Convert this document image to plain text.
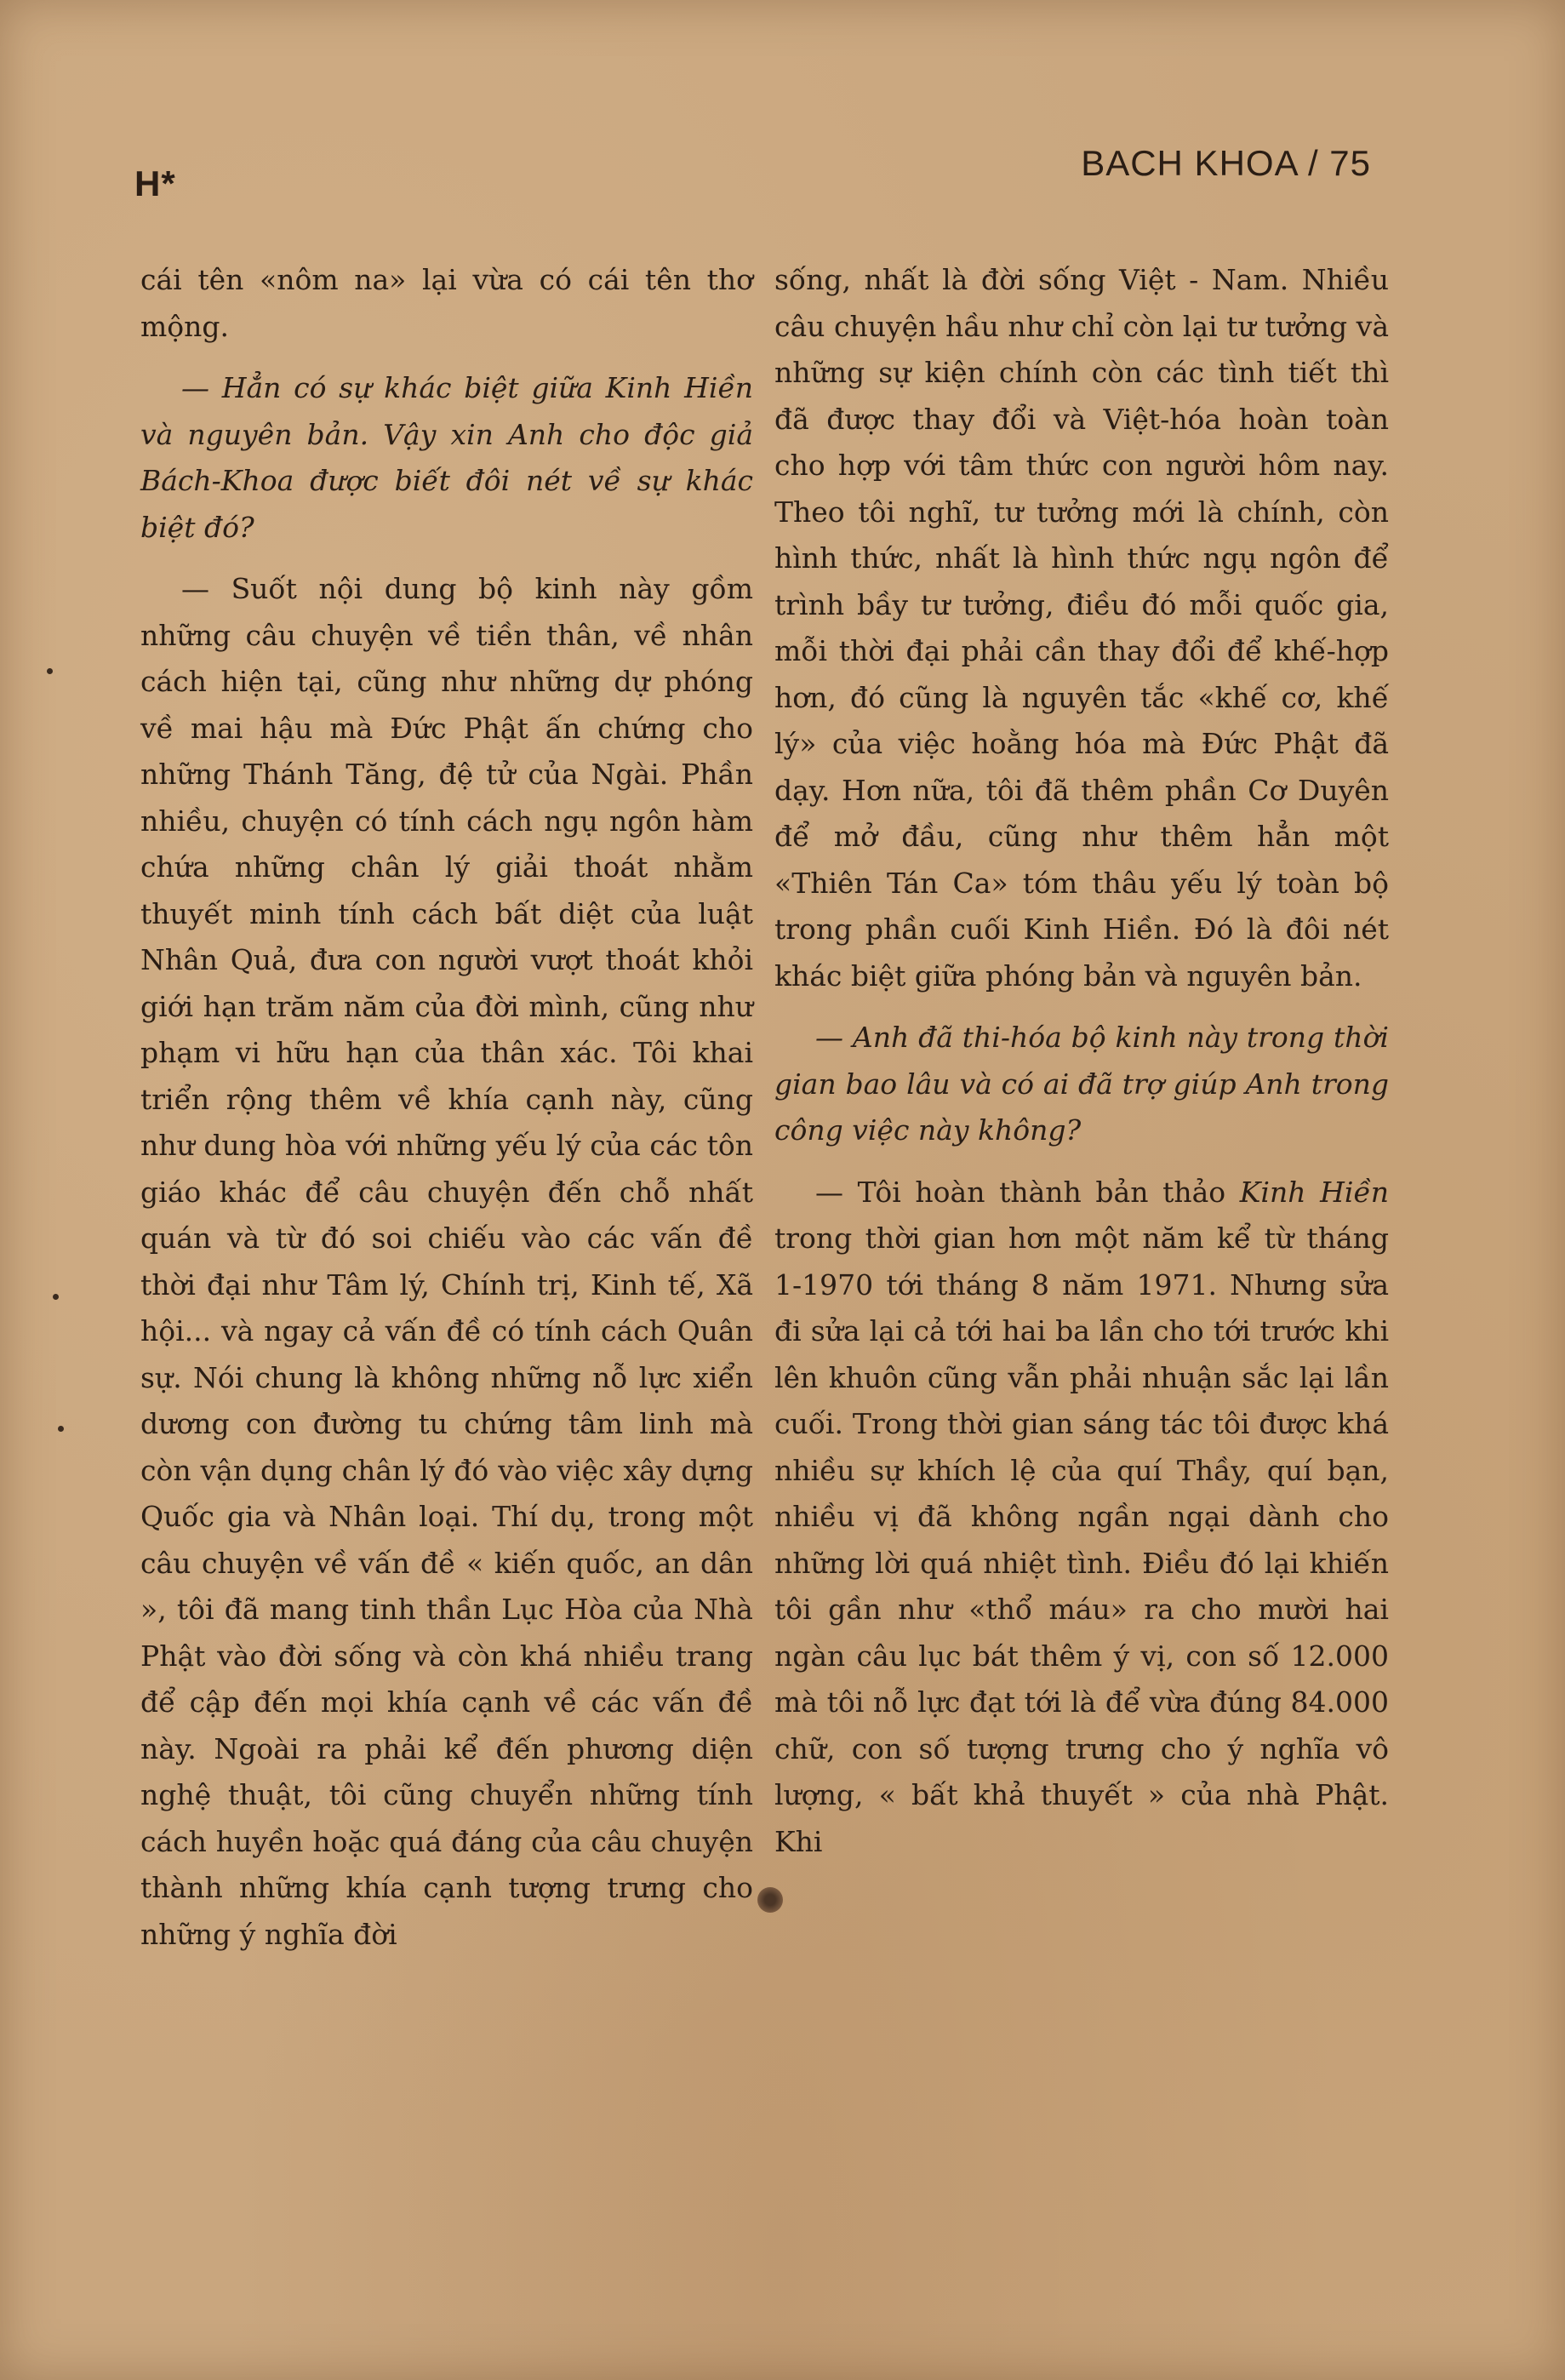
H*
BACH KHOA / 75

cái tên «nôm na» lại vừa có cái tên thơ mộng.

— Hẳn có sự khác biệt giữa Kinh Hiền và nguyên bản. Vậy xin Anh cho độc giả Bách-Khoa được biết đôi nét về sự khác biệt đó?

— Suốt nội dung bộ kinh này gồm những câu chuyện về tiền thân, về nhân cách hiện tại, cũng như những dự phóng về mai hậu mà Đức Phật ấn chứng cho những Thánh Tăng, đệ tử của Ngài. Phần nhiều, chuyện có tính cách ngụ ngôn hàm chứa những chân lý giải thoát nhằm thuyết minh tính cách bất diệt của luật Nhân Quả, đưa con người vượt thoát khỏi giới hạn trăm năm của đời mình, cũng như phạm vi hữu hạn của thân xác. Tôi khai triển rộng thêm về khía cạnh này, cũng như dung hòa với những yếu lý của các tôn giáo khác để câu chuyện đến chỗ nhất quán và từ đó soi chiếu vào các vấn đề thời đại như Tâm lý, Chính trị, Kinh tế, Xã hội... và ngay cả vấn đề có tính cách Quân sự. Nói chung là không những nỗ lực xiển dương con đường tu chứng tâm linh mà còn vận dụng chân lý đó vào việc xây dựng Quốc gia và Nhân loại. Thí dụ, trong một câu chuyện về vấn đề « kiến quốc, an dân », tôi đã mang tinh thần Lục Hòa của Nhà Phật vào đời sống và còn khá nhiều trang để cập đến mọi khía cạnh về các vấn đề này. Ngoài ra phải kể đến phương diện nghệ thuật, tôi cũng chuyển những tính cách huyền hoặc quá đáng của câu chuyện thành những khía cạnh tượng trưng cho những ý nghĩa đời

sống, nhất là đời sống Việt - Nam. Nhiều câu chuyện hầu như chỉ còn lại tư tưởng và những sự kiện chính còn các tình tiết thì đã được thay đổi và Việt-hóa hoàn toàn cho hợp với tâm thức con người hôm nay. Theo tôi nghĩ, tư tưởng mới là chính, còn hình thức, nhất là hình thức ngụ ngôn để trình bầy tư tưởng, điều đó mỗi quốc gia, mỗi thời đại phải cần thay đổi để khế-hợp hơn, đó cũng là nguyên tắc «khế cơ, khế lý» của việc hoằng hóa mà Đức Phật đã dạy. Hơn nữa, tôi đã thêm phần Cơ Duyên để mở đầu, cũng như thêm hẳn một «Thiên Tán Ca» tóm thâu yếu lý toàn bộ trong phần cuối Kinh Hiền. Đó là đôi nét khác biệt giữa phóng bản và nguyên bản.

— Anh đã thi-hóa bộ kinh này trong thời gian bao lâu và có ai đã trợ giúp Anh trong công việc này không?

— Tôi hoàn thành bản thảo Kinh Hiền trong thời gian hơn một năm kể từ tháng 1-1970 tới tháng 8 năm 1971. Nhưng sửa đi sửa lại cả tới hai ba lần cho tới trước khi lên khuôn cũng vẫn phải nhuận sắc lại lần cuối. Trong thời gian sáng tác tôi được khá nhiều sự khích lệ của quí Thầy, quí bạn, nhiều vị đã không ngần ngại dành cho những lời quá nhiệt tình. Điều đó lại khiến tôi gần như «thổ máu» ra cho mười hai ngàn câu lục bát thêm ý vị, con số 12.000 mà tôi nỗ lực đạt tới là để vừa đúng 84.000 chữ, con số tượng trưng cho ý nghĩa vô lượng, « bất khả thuyết » của nhà Phật. Khi
